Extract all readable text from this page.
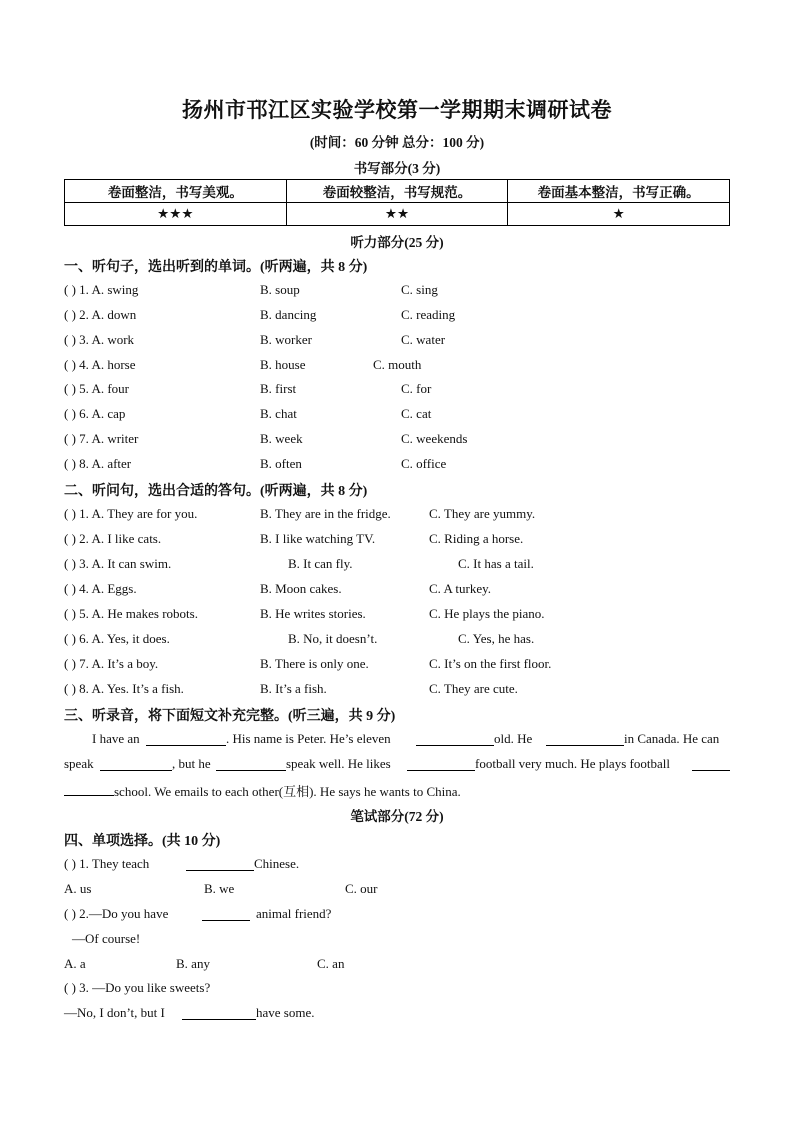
扬州市邗江区实验学校第一学期期末调研试卷
(时间：60 分钟 总分：100 分)
书写部分(3 分)
卷面整洁，书写美观。	卷面较整洁，书写规范。	卷面基本整洁，书写正确。
★★★	★★	★
听力部分(25 分)
一、听句子，选出听到的单词。(听两遍，共 8 分)
( ) 1. A. swing	B. soup	C. sing
( ) 2. A. down	B. dancing	C. reading
( ) 3. A. work	B. worker	C. water
( ) 4. A. horse	B. house	C. mouth
( ) 5. A. four	B. first	C. for
( ) 6. A. cap	B. chat	C. cat
( ) 7. A. writer	B. week	C. weekends
( ) 8. A. after	B. often	C. office
二、听问句，选出合适的答句。(听两遍，共 8 分)
( ) 1. A. They are for you.	B. They are in the fridge.	C. They are yummy.
( ) 2. A. I like cats.	B. I like watching TV.	C. Riding a horse.
( ) 3. A. It can swim.	B. It can fly.	C. It has a tail.
( ) 4. A. Eggs.	B. Moon cakes.	C. A turkey.
( ) 5. A. He makes robots.	B. He writes stories.	C. He plays the piano.
( ) 6. A. Yes, it does.	B. No, it doesn’t.	C. Yes, he has.
( ) 7. A. It’s a boy.	B. There is only one.	C. It’s on the first floor.
( ) 8. A. Yes. It’s a fish.	B. It’s a fish.	C. They are cute.
三、听录音，将下面短文补充完整。(听三遍，共 9 分)
I have an	. His name is Peter. He’s eleven	old. He	in Canada. He can
speak	, but he	speak well. He likes	football very much. He plays football
school. We emails to each other(互相). He says he wants to China.
笔试部分(72 分)
四、单项选择。(共 10 分)
( ) 1. They teach	Chinese.
A. us	B. we	C. our
( ) 2.—Do you have	animal friend?
—Of course!
A. a	B. any	C. an
( ) 3. —Do you like sweets?
—No, I don’t, but I	have some.
